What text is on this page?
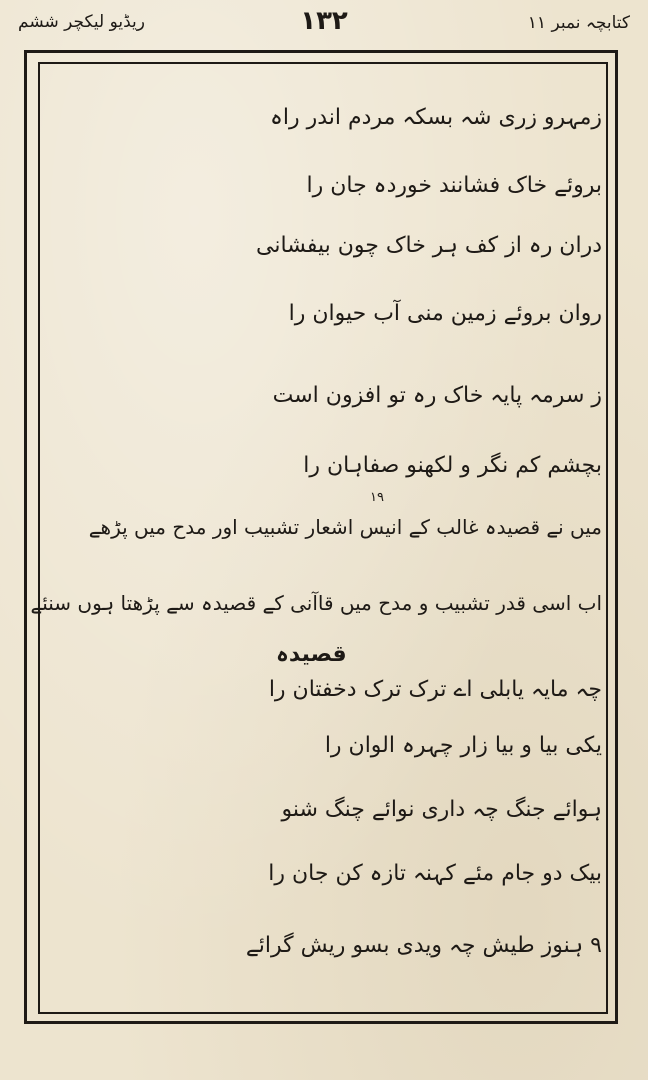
ریڈیو لیکچر ششم	۱۳۲	کتابچہ نمبر ۱۱
زمہرو زری شہ بسکہ مردم اندر راہ
بروئے خاک فشانند خوردہ جان را
دران رہ از کف ہر خاک چون بیفشانی
روان بروئے زمین منی آب حیوان را
ز سرمہ پایہ خاک رہ تو افزون است
بچشم کم نگر و لکھنو صفاہان را
۱۹
میں نے قصیدہ غالب کے انیس اشعار تشبیب اور مدح میں پڑھے
اب اسی قدر تشبیب و مدح میں قاآنی کے قصیدہ سے پڑھتا ہوں سنئے
قصیدہ
چہ مایہ یابلی اے ترک ترک دخفتان را
یکی بیا و بیا زار چہرہ الوان را
ہوائے جنگ چہ داری نوائے چنگ شنو
بیک دو جام مئے کہنہ تازہ کن جان را
۹ ہنوز طیش چہ ویدی بسو ریش گرائے
